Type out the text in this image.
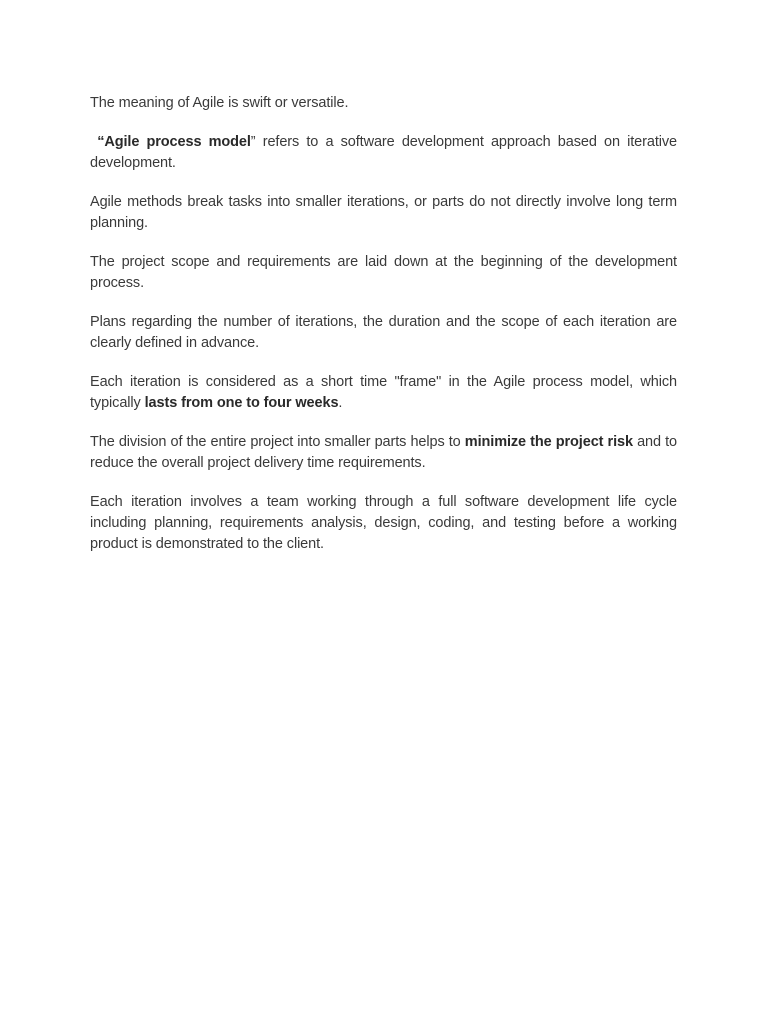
The meaning of Agile is swift or versatile.

“Agile process model” refers to a software development approach based on iterative development.

Agile methods break tasks into smaller iterations, or parts do not directly involve long term planning.

The project scope and requirements are laid down at the beginning of the development process.

Plans regarding the number of iterations, the duration and the scope of each iteration are clearly defined in advance.

Each iteration is considered as a short time "frame" in the Agile process model, which typically lasts from one to four weeks.

The division of the entire project into smaller parts helps to minimize the project risk and to reduce the overall project delivery time requirements.

Each iteration involves a team working through a full software development life cycle including planning, requirements analysis, design, coding, and testing before a working product is demonstrated to the client.
